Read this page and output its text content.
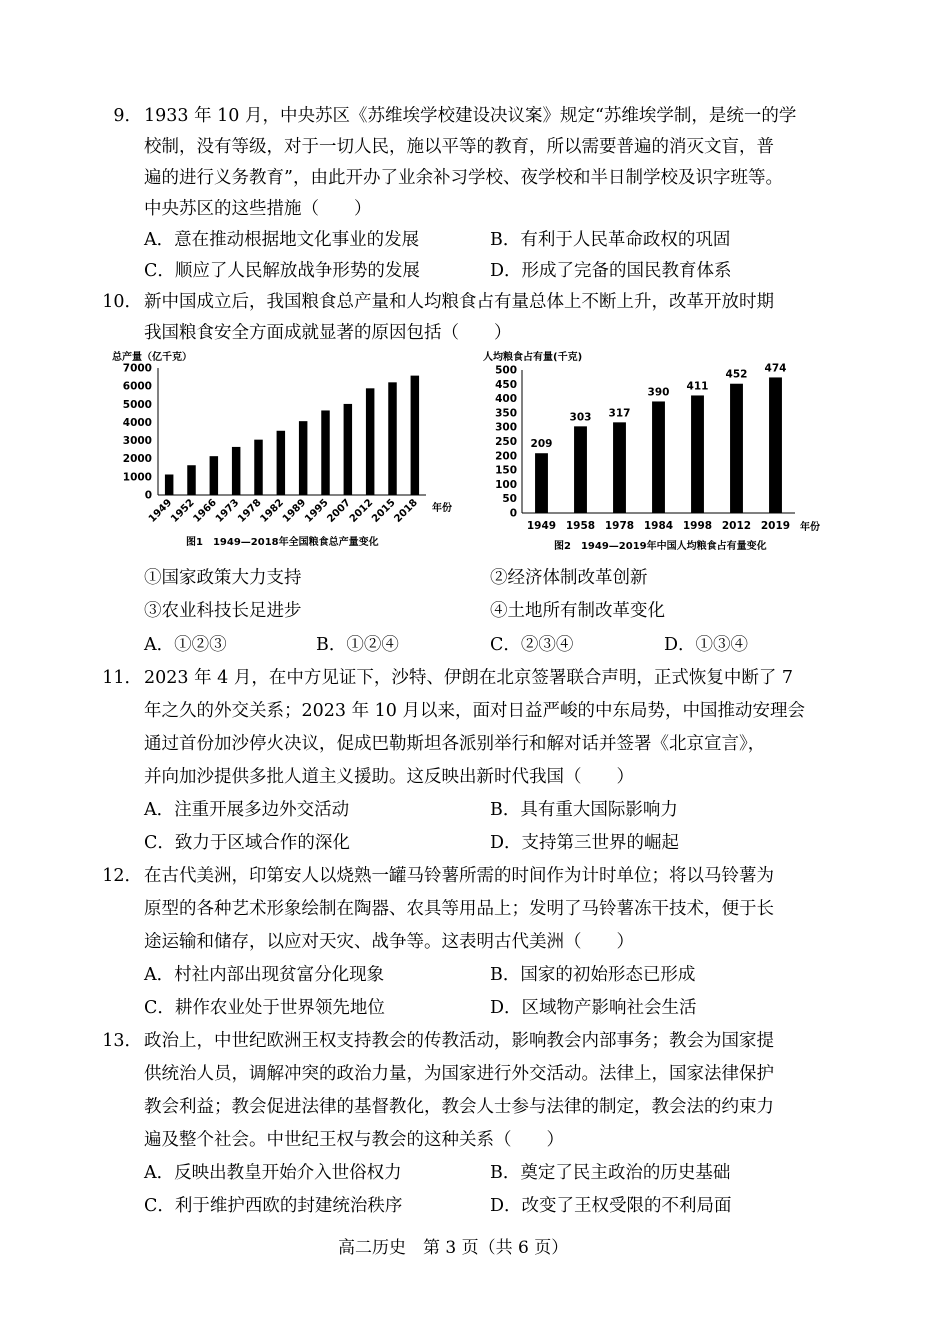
9． 1933 年 10 月，中央苏区《苏维埃学校建设决议案》规定“苏维埃学制，是统一的学
校制，没有等级，对于一切人民，施以平等的教育，所以需要普遍的消灭文盲，普
遍的进行义务教育”，由此开办了业余补习学校、夜学校和半日制学校及识字班等。
中央苏区的这些措施（　　）
A．意在推动根据地文化事业的发展	B．有利于人民革命政权的巩固
C．顺应了人民解放战争形势的发展	D．形成了完备的国民教育体系
10． 新中国成立后，我国粮食总产量和人均粮食占有量总体上不断上升，改革开放时期
我国粮食安全方面成就显著的原因包括（　　）
总产量（亿千克）
7000
6000
5000
4000
3000
2000
1000
0
1949
1952
1966
1973
1978
1982
1989
1995
2007
2012
2015
2018 年份
图1　1949—2018年全国粮食总产量变化
人均粮食占有量(千克)
500
450
400
350
300
250
200
150
100
50
0
209
303 317
390
411
452
474
1949 1958 1978 1984 1998 2012 2019 年份
图2　1949—2019年中国人均粮食占有量变化
①国家政策大力支持	②经济体制改革创新
③农业科技长足进步	④土地所有制改革变化
A．①②③	B．①②④	C．②③④	D．①③④
11． 2023 年 4 月，在中方见证下，沙特、伊朗在北京签署联合声明，正式恢复中断了 7
年之久的外交关系；2023 年 10 月以来，面对日益严峻的中东局势，中国推动安理会
通过首份加沙停火决议，促成巴勒斯坦各派别举行和解对话并签署《北京宣言》，
并向加沙提供多批人道主义援助。这反映出新时代我国（　　）
A．注重开展多边外交活动	B．具有重大国际影响力
C．致力于区域合作的深化	D．支持第三世界的崛起
12． 在古代美洲，印第安人以烧熟一罐马铃薯所需的时间作为计时单位；将以马铃薯为
原型的各种艺术形象绘制在陶器、农具等用品上；发明了马铃薯冻干技术，便于长
途运输和储存，以应对天灾、战争等。这表明古代美洲（　　）
A．村社内部出现贫富分化现象	B．国家的初始形态已形成
C．耕作农业处于世界领先地位	D．区域物产影响社会生活
13． 政治上，中世纪欧洲王权支持教会的传教活动，影响教会内部事务；教会为国家提
供统治人员，调解冲突的政治力量，为国家进行外交活动。法律上，国家法律保护
教会利益；教会促进法律的基督教化，教会人士参与法律的制定，教会法的约束力
遍及整个社会。中世纪王权与教会的这种关系（　　）
A．反映出教皇开始介入世俗权力	B．奠定了民主政治的历史基础
C．利于维护西欧的封建统治秩序	D．改变了王权受限的不利局面
高二历史　第 3 页（共 6 页）
